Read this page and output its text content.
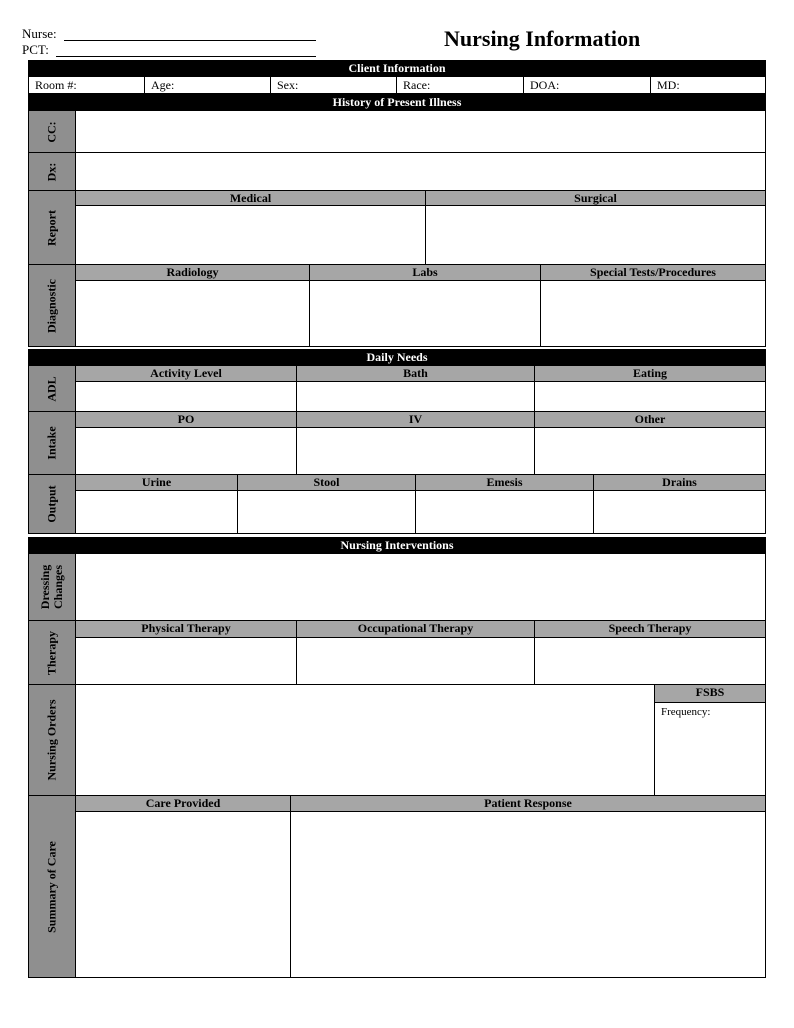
Nurse:
PCT:	Nursing Information
Client Information
Room #:	Age:	Sex:	Race:	DOA:	MD:
History of Present Illness
CC:
Dx:
Report
Medical	Surgical
Diagnostic
Radiology	Labs	Special Tests/Procedures
Daily Needs
ADL
Activity Level	Bath	Eating
Intake
PO	IV	Other
Output
Urine	Stool	Emesis	Drains
Nursing Interventions
Dressing Changes
Therapy
Physical Therapy	Occupational Therapy	Speech Therapy
Nursing Orders
FSBS
Frequency:
Summary of Care
Care Provided	Patient Response
